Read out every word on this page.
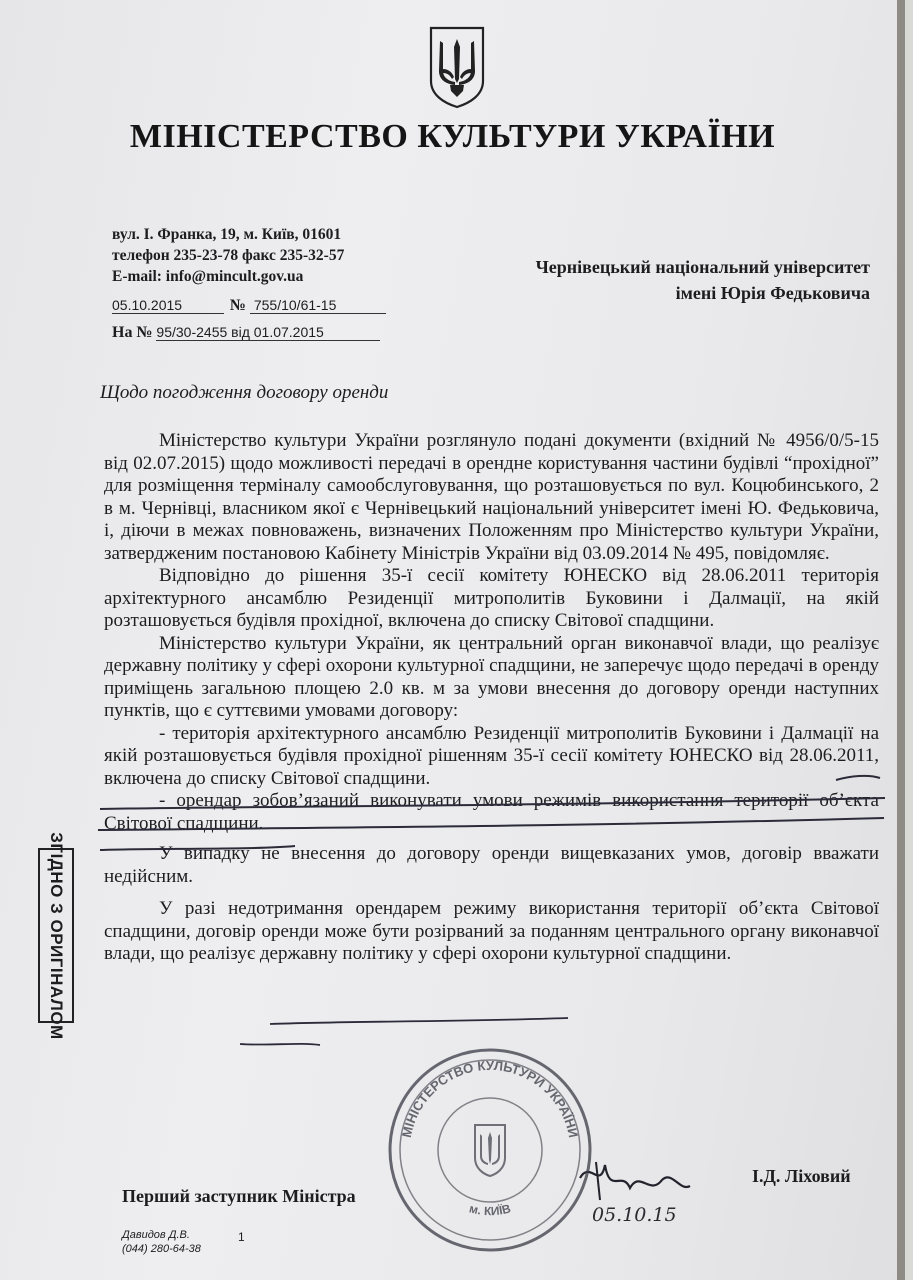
МІНІСТЕРСТВО КУЛЬТУРИ УКРАЇНИ
вул. І. Франка, 19, м. Київ, 01601
телефон 235-23-78 факс 235-32-57
E-mail: info@mincult.gov.ua
05.10.2015	№ 755/10/61-15
На № 95/30-2455 від 01.07.2015
Чернівецький національний університет
імені Юрія Федьковича
Щодо погодження договору оренди

Міністерство культури України розглянуло подані документи (вхідний № 4956/0/5-15 від 02.07.2015) щодо можливості передачі в орендне користування частини будівлі “прохідної” для розміщення терміналу самообслуговування, що розташовується по вул. Коцюбинського, 2 в м. Чернівці, власником якої є Чернівецький національний університет імені Ю. Федьковича, і, діючи в межах повноважень, визначених Положенням про Міністерство культури України, затвердженим постановою Кабінету Міністрів України від 03.09.2014 № 495, повідомляє.

Відповідно до рішення 35-ї сесії комітету ЮНЕСКО від 28.06.2011 територія архітектурного ансамблю Резиденції митрополитів Буковини і Далмації, на якій розташовується будівля прохідної, включена до списку Світової спадщини.

Міністерство культури України, як центральний орган виконавчої влади, що реалізує державну політику у сфері охорони культурної спадщини, не заперечує щодо передачі в оренду приміщень загальною площею 2.0 кв. м за умови внесення до договору оренди наступних пунктів, що є суттєвими умовами договору:

- територія архітектурного ансамблю Резиденції митрополитів Буковини і Далмації на якій розташовується будівля прохідної рішенням 35-ї сесії комітету ЮНЕСКО від 28.06.2011, включена до списку Світової спадщини.

- орендар зобов’язаний виконувати умови режимів використання території об’єкта Світової спадщини.

У випадку не внесення до договору оренди вищевказаних умов, договір вважати недійсним.

У разі недотримання орендарем режиму використання території об’єкта Світової спадщини, договір оренди може бути розірваний за поданням центрального органу виконавчої влади, що реалізує державну політику у сфері охорони культурної спадщини.

ЗГІДНО З ОРИГІНАЛОМ
МІНІСТЕРСТВО КУЛЬТУРИ УКРАЇНИ
м. КИЇВ
Перший заступник Міністра
І.Д. Ліховий
05.10.15
Давидов Д.В.
(044) 280-64-38
1
